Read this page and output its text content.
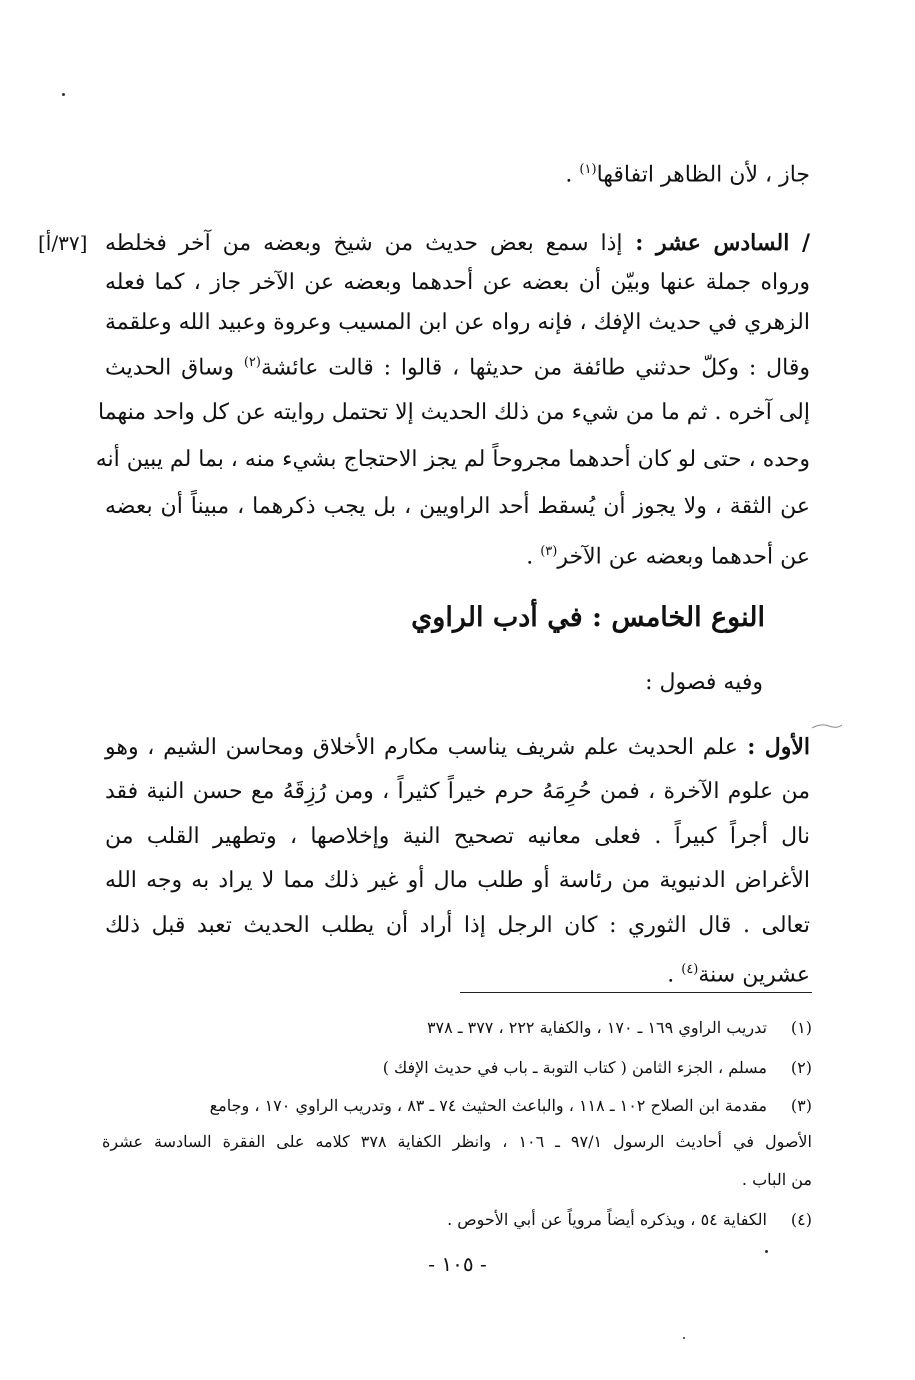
جاز ، لأن الظاهر اتفاقها$^{(١)}$ .
[٣٧/أ]	/ السادس عشر : إذا سمع بعض حديث من شيخ وبعضه من آخر فخلطه
ورواه جملة عنها وبيّن أن بعضه عن أحدهما وبعضه عن الآخر جاز ، كما فعله
الزهري في حديث الإفك ، فإنه رواه عن ابن المسيب وعروة وعبيد الله وعلقمة
وقال : وكلّ حدثني طائفة من حديثها ، قالوا : قالت عائشة$^{(٢)}$ وساق الحديث
إلى آخره . ثم ما من شيء من ذلك الحديث إلا تحتمل روايته عن كل واحد منهما
وحده ، حتى لو كان أحدهما مجروحاً لم يجز الاحتجاج بشيء منه ، بما لم يبين أنه
عن الثقة ، ولا يجوز أن يُسقط أحد الراويين ، بل يجب ذكرهما ، مبيناً أن بعضه
عن أحدهما وبعضه عن الآخر$^{(٣)}$ .
النوع الخامس : في أدب الراوي
وفيه فصول :
الأول : علم الحديث علم شريف يناسب مكارم الأخلاق ومحاسن الشيم ، وهو
من علوم الآخرة ، فمن حُرِمَهُ حرم خيراً كثيراً ، ومن رُزِقَهُ مع حسن النية فقد
نال أجراً كبيراً . فعلى معانيه تصحيح النية وإخلاصها ، وتطهير القلب من
الأغراض الدنيوية من رئاسة أو طلب مال أو غير ذلك مما لا يراد به وجه الله
تعالى . قال الثوري : كان الرجل إذا أراد أن يطلب الحديث تعبد قبل ذلك
عشرين سنة$^{(٤)}$ .
(١)
تدريب الراوي ١٦٩ ـ ١٧٠ ، والكفاية ٢٢٢ ، ٣٧٧ ـ ٣٧٨
(٢)
مسلم ، الجزء الثامن ( كتاب التوبة ـ باب في حديث الإفك )
(٣)
مقدمة ابن الصلاح ١٠٢ ـ ١١٨ ، والباعث الحثيث ٧٤ ـ ٨٣ ، وتدريب الراوي ١٧٠ ، وجامع
الأصول في أحاديث الرسول ٩٧/١ ـ ١٠٦ ، وانظر الكفاية ٣٧٨ كلامه على الفقرة السادسة عشرة
من الباب .
(٤)
الكفاية ٥٤ ، ويذكره أيضاً مروياً عن أبي الأحوص .
- ١٠٥ -
